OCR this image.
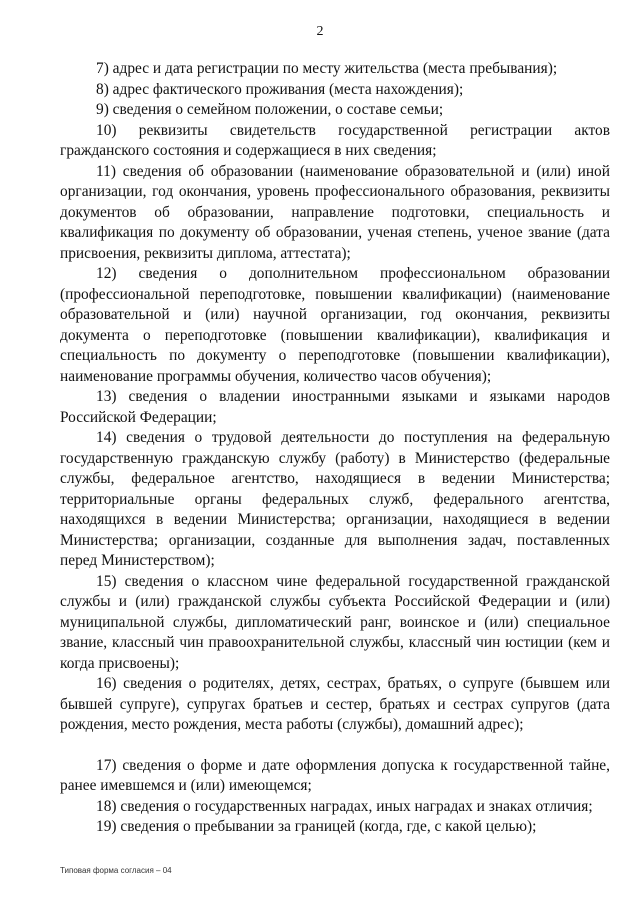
2

7) адрес и дата регистрации по месту жительства (места пребывания);

8) адрес фактического проживания (места нахождения);

9) сведения о семейном положении, о составе семьи;

10) реквизиты свидетельств государственной регистрации актов гражданского состояния и содержащиеся в них сведения;

11) сведения об образовании (наименование образовательной и (или) иной организации, год окончания, уровень профессионального образования, реквизиты документов об образовании, направление подготовки, специальность и квалификация по документу об образовании, ученая степень, ученое звание (дата присвоения, реквизиты диплома, аттестата);

12) сведения о дополнительном профессиональном образовании (профессиональной переподготовке, повышении квалификации) (наименование образовательной и (или) научной организации, год окончания, реквизиты документа о переподготовке (повышении квалификации), квалификация и специальность по документу о переподготовке (повышении квалификации), наименование программы обучения, количество часов обучения);

13) сведения о владении иностранными языками и языками народов Российской Федерации;

14) сведения о трудовой деятельности до поступления на федеральную государственную гражданскую службу (работу) в Министерство (федеральные службы, федеральное агентство, находящиеся в ведении Министерства; территориальные органы федеральных служб, федерального агентства, находящихся в ведении Министерства; организации, находящиеся в ведении Министерства; организации, созданные для выполнения задач, поставленных перед Министерством);

15) сведения о классном чине федеральной государственной гражданской службы и (или) гражданской службы субъекта Российской Федерации и (или) муниципальной службы, дипломатический ранг, воинское и (или) специальное звание, классный чин правоохранительной службы, классный чин юстиции (кем и когда присвоены);

16) сведения о родителях, детях, сестрах, братьях, о супруге (бывшем или бывшей супруге), супругах братьев и сестер, братьях и сестрах супругов (дата рождения, место рождения, места работы (службы), домашний адрес);

17) сведения о форме и дате оформления допуска к государственной тайне, ранее имевшемся и (или) имеющемся;

18) сведения о государственных наградах, иных наградах и знаках отличия;

19) сведения о пребывании за границей (когда, где, с какой целью);

Типовая форма согласия – 04
